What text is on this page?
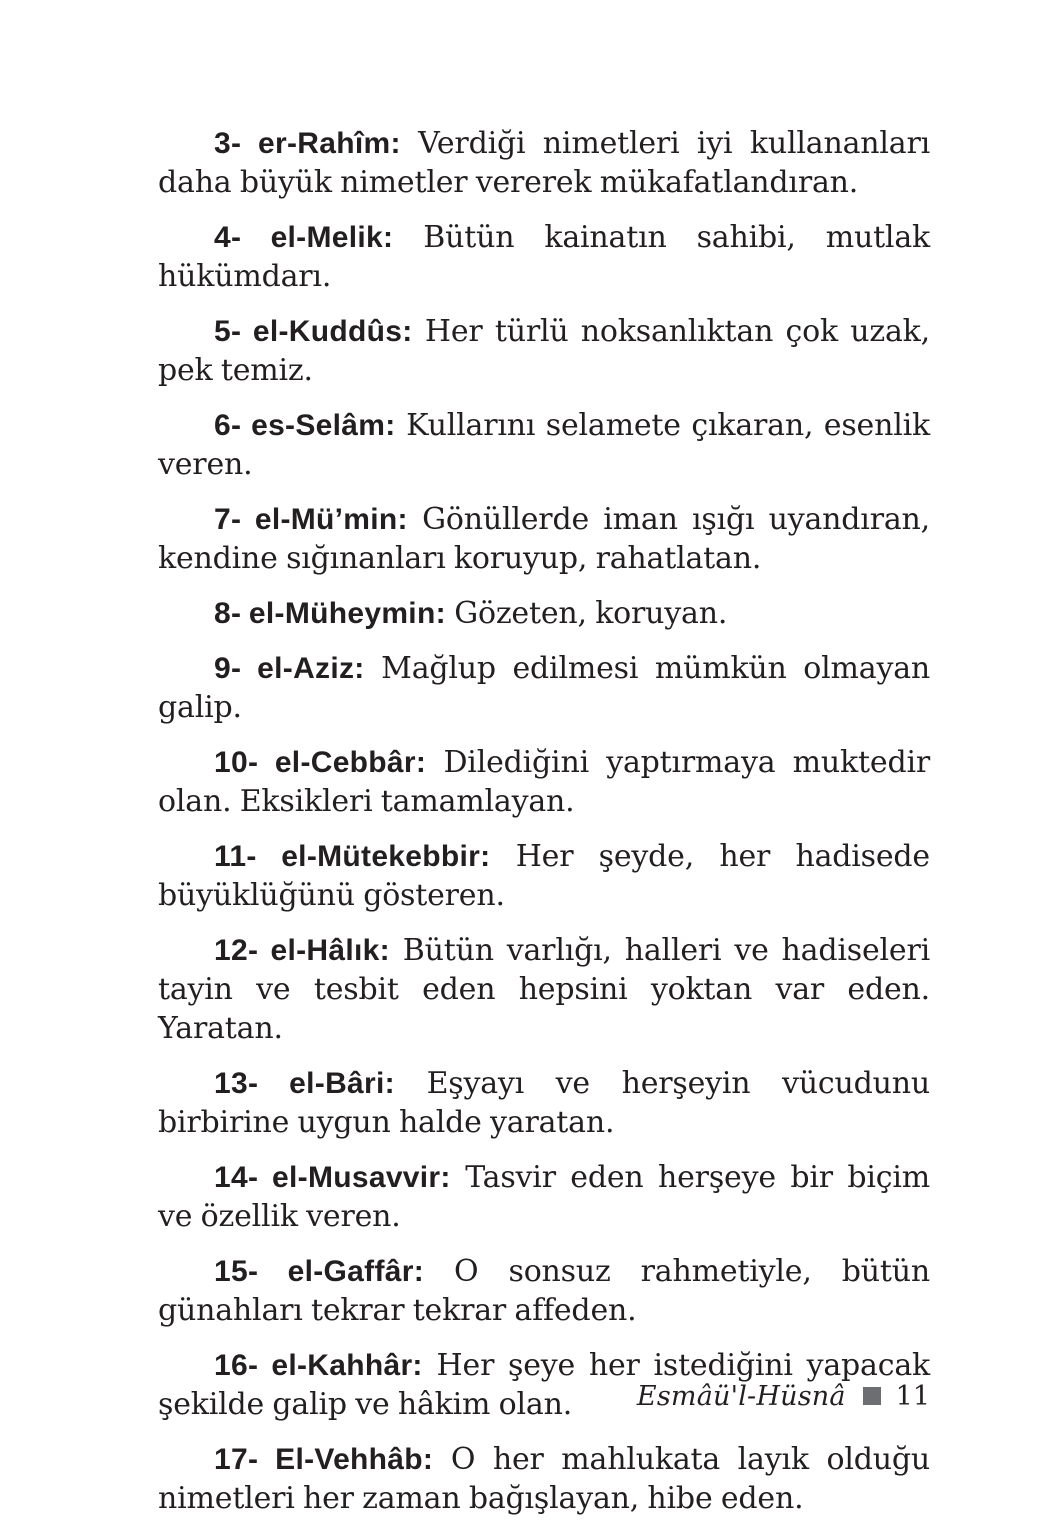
3- er-Rahîm: Verdiği nimetleri iyi kullananları daha büyük nimetler vererek mükafatlandıran.

4- el-Melik: Bütün kainatın sahibi, mutlak hükümdarı.

5- el-Kuddûs: Her türlü noksanlıktan çok uzak, pek temiz.

6- es-Selâm: Kullarını selamete çıkaran, esenlik veren.

7- el-Mü’min: Gönüllerde iman ışığı uyandıran, kendine sığınanları koruyup, rahatlatan.

8- el-Müheymin: Gözeten, koruyan.

9- el-Aziz: Mağlup edilmesi mümkün olmayan galip.

10- el-Cebbâr: Dilediğini yaptırmaya muktedir olan. Eksikleri tamamlayan.

11- el-Mütekebbir: Her şeyde, her hadisede büyüklüğünü gösteren.

12- el-Hâlık: Bütün varlığı, halleri ve hadiseleri tayin ve tesbit eden hepsini yoktan var eden. Yaratan.

13- el-Bâri: Eşyayı ve herşeyin vücudunu birbirine uygun halde yaratan.

14- el-Musavvir: Tasvir eden herşeye bir biçim ve özellik veren.

15- el-Gaffâr: O sonsuz rahmetiyle, bütün günahları tekrar tekrar affeden.

16- el-Kahhâr: Her şeye her istediğini yapacak şekilde galip ve hâkim olan.

17- El-Vehhâb: O her mahlukata layık olduğu nimetleri her zaman bağışlayan, hibe eden.

Esmâü'l-Hüsnâ 11
